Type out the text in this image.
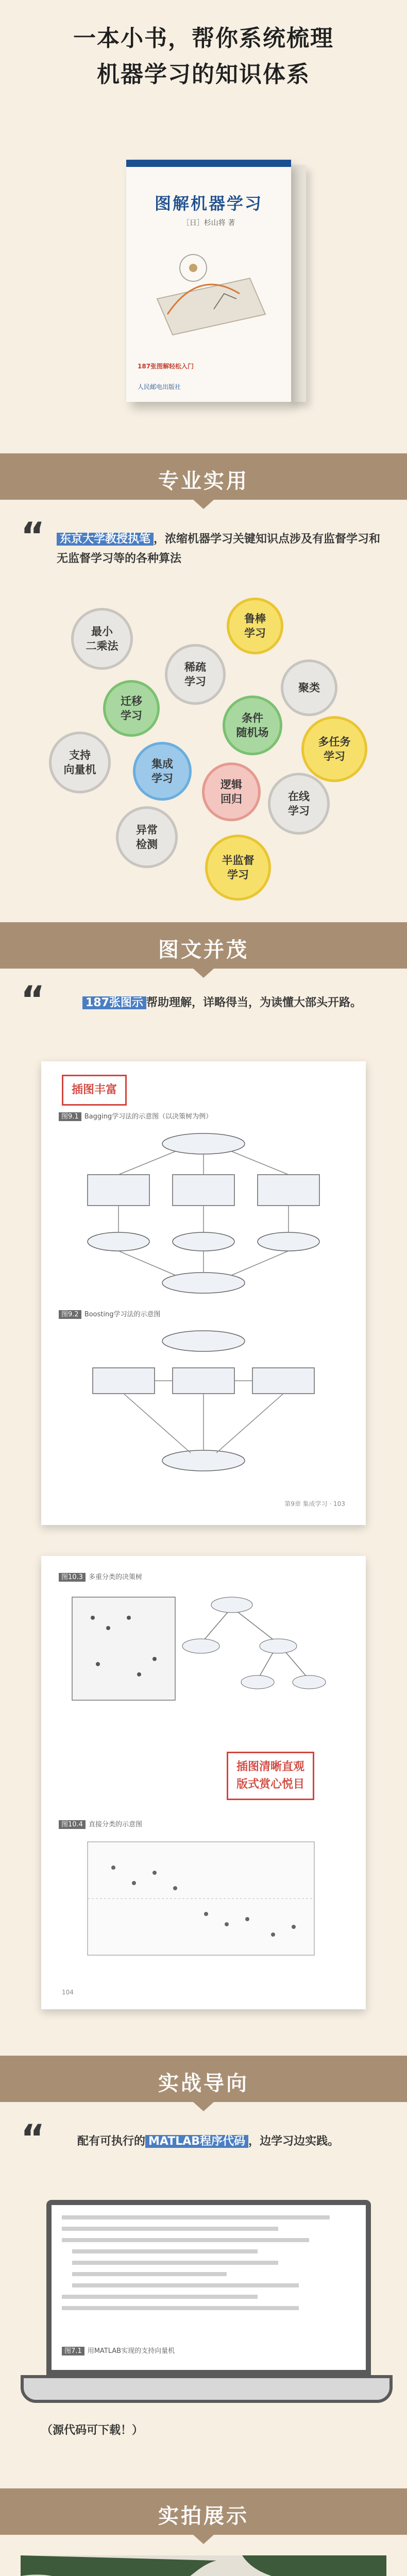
一本小书，帮你系统梳理
机器学习的知识体系
图解机器学习
［日］杉山将 著
187张图解轻松入门
人民邮电出版社
专业实用
“ 东京大学教授执笔 ，浓缩机器学习关键知识点涉及有监督学习和无监督学习等的各种算法
最小
二乘法
鲁棒
学习
稀疏
学习	聚类
迁移
学习	条件
随机场
多任务
学习
支持
向量机	集成
学习	逻辑
回归	在线
学习
异常
检测
半监督
学习
图文并茂
“	187张图示 帮助理解，详略得当，为读懂大部头开路。
插图丰富
图9.1 Bagging学习法的示意图（以决策树为例）
图9.2 Boosting学习法的示意图
第9章 集成学习 · 103
图10.3 多重分类的决策树
插图清晰直观
版式赏心悦目
图10.4 直接分类的示意图
104
实战导向
“	配有可执行的 MATLAB程序代码 ，边学习边实践。
图7.1 用MATLAB实现的支持向量机
（源代码可下载！）
实拍展示
